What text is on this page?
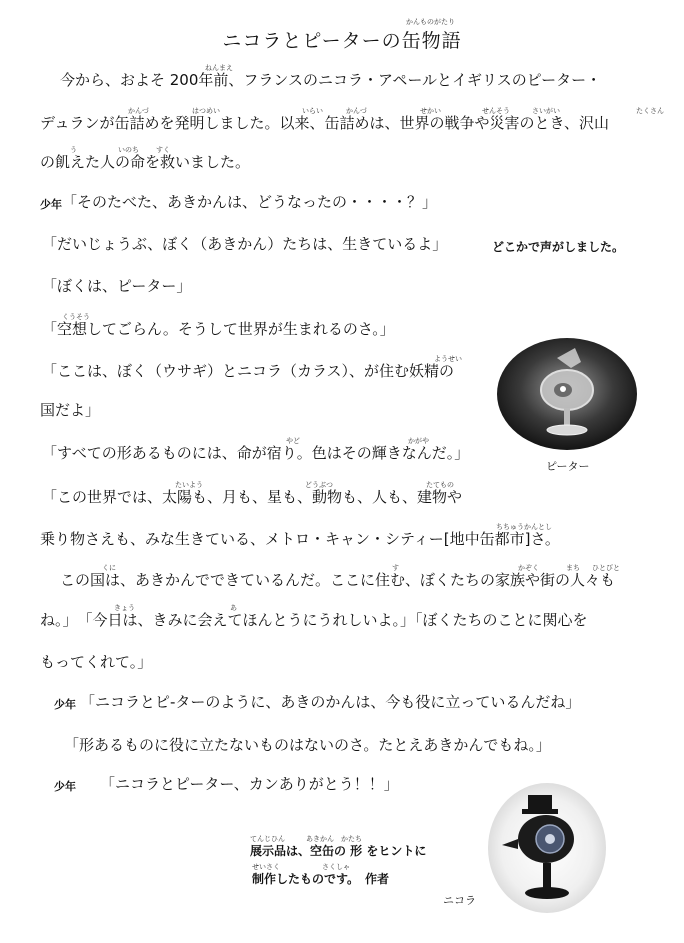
かんものがたり
ニコラとピーターの缶物語
ねんまえ
今から、およそ 200年前、フランスのニコラ・アペールとイギリスのピーター・
かんづ	はつめい	いらい	かんづ	せかい	せんそう	さいがい	たくさん
デュランが缶詰めを発明しました。以来、缶詰めは、世界の戦争や災害のとき、沢山
う	いのち すく
の飢えた人の命を救いました。
少年 「そのたべた、あきかんは、どうなったの・・・・？」
「だいじょうぶ、ぼく（あきかん）たちは、生きているよ」	どこかで声がしました。
「ぼくは、ピーター」
くうそう
「空想してごらん。そうして世界が生まれるのさ。」
ようせい
「ここは、ぼく（ウサギ）とニコラ（カラス）、が住む妖精の
国だよ」
やど	かがや
「すべての形あるものには、命が宿り。色はその輝きなんだ。」
たいよう	どうぶつ	たてもの
「この世界では、太陽も、月も、星も、動物も、人も、建物や
ちちゅうかんとし
乗り物さえも、みな生きている、メトロ・キャン・シティー[地中缶都市]さ。
くに	す	かぞく	まち ひとびと
この国は、あきかんでできているんだ。ここに住む、ぼくたちの家族や街の人々も
きょう	あ
ね。」　「今日は、きみに会えてほんとうにうれしいよ。」「ぼくたちのことに関心を
もってくれて。」
少年 「ニコラとピ-ターのように、あきのかんは、今も役に立っているんだね」
「形あるものに役に立たないものはないのさ。たとえあきかんでもね。」
少年 「ニコラとピーター、カンありがとう！！」
ピーター
ニコラ
てんじひん　　　あきかん　かたち
展示品は、空缶の 形 をヒントに
せいさく　　　　　　さくしゃ
制作したものです。　作者
